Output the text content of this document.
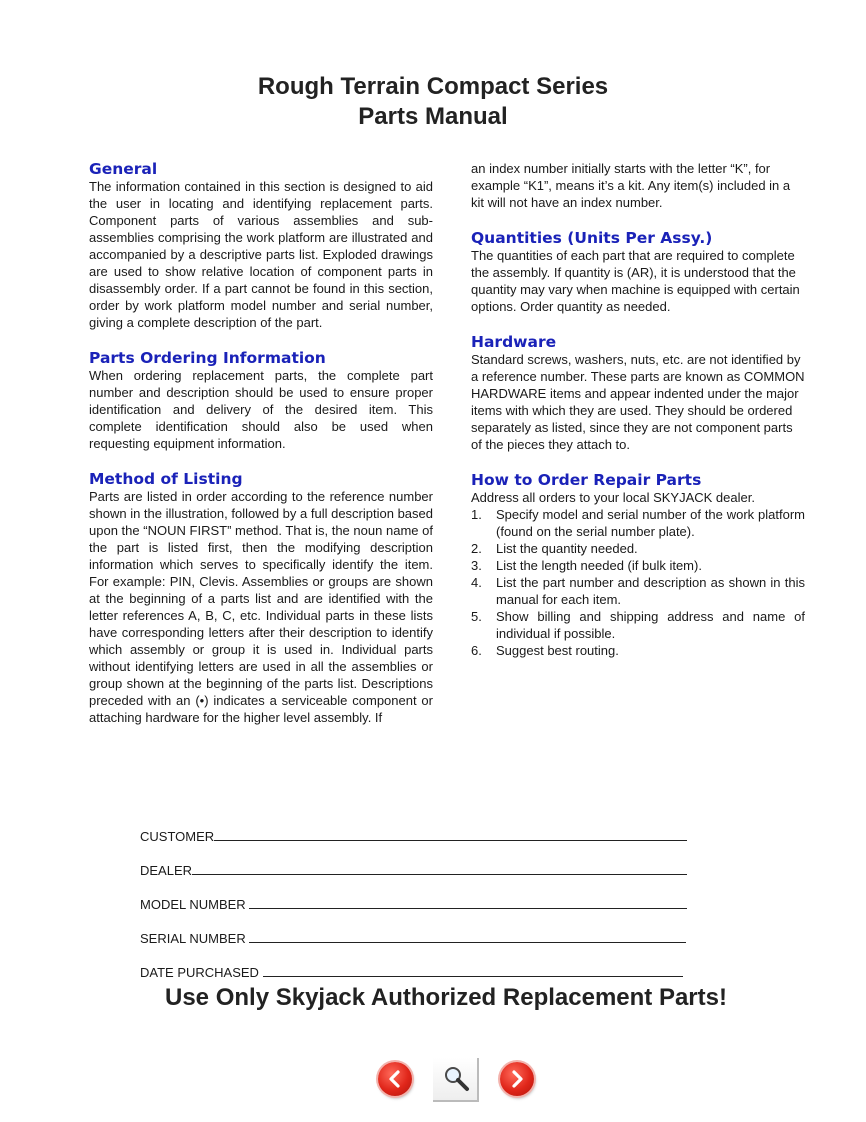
Rough Terrain Compact Series
Parts Manual
General

The information contained in this section is designed to aid the user in locating and identifying replacement parts. Component parts of various assemblies and sub-assemblies comprising the work platform are illustrated and accompanied by a descriptive parts list. Exploded drawings are used to show relative location of component parts in disassembly order. If a part cannot be found in this section, order by work platform model number and serial number, giving a complete description of the part.

Parts Ordering Information

When ordering replacement parts, the complete part number and description should be used to ensure proper identification and delivery of the desired item. This complete identification should also be used when requesting equipment information.

Method of Listing

Parts are listed in order according to the reference number shown in the illustration, followed by a full description based upon the “NOUN FIRST” method. That is, the noun name of the part is listed first, then the modifying description information which serves to specifically identify the item. For example: PIN, Clevis. Assemblies or groups are shown at the beginning of a parts list and are identified with the letter references A, B, C, etc. Individual parts in these lists have corresponding letters after their description to identify which assembly or group it is used in. Individual parts without identifying letters are used in all the assemblies or group shown at the beginning of the parts list. Descriptions preceded with an (•) indicates a serviceable component or attaching hardware for the higher level assembly. If

an index number initially starts with the letter “K”, for example “K1”, means it’s a kit. Any item(s) included in a kit will not have an index number.

Quantities (Units Per Assy.)

The quantities of each part that are required to complete the assembly. If quantity is (AR), it is understood that the quantity may vary when machine is equipped with certain options. Order quantity as needed.

Hardware

Standard screws, washers, nuts, etc. are not identified by a reference number. These parts are known as COMMON HARDWARE items and appear indented under the major items with which they are used. They should be ordered separately as listed, since they are not component parts of the pieces they attach to.

How to Order Repair Parts

Address all orders to your local SKYJACK dealer.

1.	Specify model and serial number of the work platform (found on the serial number plate).
2.	List the quantity needed.
3.	List the length needed (if bulk item).
4.	List the part number and description as shown in this manual for each item.
5.	Show billing and shipping address and name of individual if possible.
6.	Suggest best routing.
CUSTOMER
DEALER
MODEL NUMBER
SERIAL NUMBER
DATE PURCHASED
Use Only Skyjack Authorized Replacement Parts!
